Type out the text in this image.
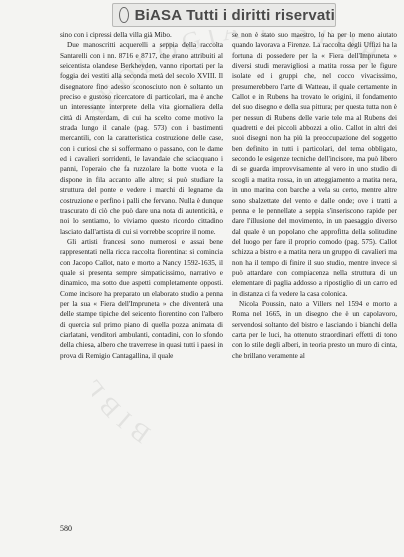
BiASA Tutti i diritti riservati
BIB EOLOGIA STOR

sino con i cipressi della villa già Mibo.

Due manoscritti acquerelli a seppia della raccolta Santarelli con i nn. 8716 e 8717, che erano attribuiti al seicentista olandese Berkheyden, vanno riportati per la foggia dei vestiti alla seconda metà del secolo XVIII. Il disegnatore fino adesso sconosciuto non è soltanto un preciso e gustoso ricercatore di particolari, ma è anche un interessante interprete della vita giornaliera della città di Amsterdam, di cui ha scelto come motivo la strada lungo il canale (pag. 573) con i bastimenti mercantili, con la caratteristica costruzione delle case, con i curiosi che si soffermano o passano, con le dame ed i cavalieri sorridenti, le lavandaie che sciacquano i panni, l'operaio che fa ruzzolare la botte vuota e la dispone in fila accanto alle altre; si può studiare la struttura del ponte e vedere i marchi di legname da costruzione e perfino i palli che fervano. Nulla è dunque trascurato di ciò che può dare una nota di autenticità, e noi lo sentiamo, lo viviamo questo ricordo cittadino lasciato dall'artista di cui si vorrebbe scoprire il nome.

Gli artisti francesi sono numerosi e assai bene rappresentati nella ricca raccolta fiorentina: si comincia con Jacopo Callot, nato e morto a Nancy 1592-1635, il quale si presenta sempre simpaticissimo, narrativo e dinamico, ma sotto due aspetti completamente opposti. Come incisore ha preparato un elaborato studio a penna per la sua « Fiera dell'Impruneta » che diventerà una delle stampe tipiche del seicento fiorentino con l'albero di quercia sul primo piano di quella pozza animata di ciarlatani, venditori ambulanti, contadini, con lo sfondo della chiesa, albero che traverrese in quasi tutti i paesi in prova di Remigio Cantagallina, il quale

se non è stato suo maestro, lo ha per lo meno aiutato quando lavorava a Firenze. La raccolta degli Uffizi ha la fortuna di possedere per la « Fiera dell'Impruneta » diversi studi meravigliosi a matita rossa per le figure isolate ed i gruppi che, nel cocco vivacissimo, presumerebbero l'arte di Watteau, il quale certamente in Callot e in Rubens ha trovato le origini, il fondamento del suo disegno e della sua pittura; per questa tutta non è per nessun di Rubens delle varie tele ma al Rubens dei quadretti e dei piccoli abbozzi a olio. Callot in altri dei suoi disegni non ha più la preoccupazione del soggetto ben definito in tutti i particolari, del tema obbligato, secondo le esigenze tecniche dell'incisore, ma può libero di se guarda improvvisamente al vero in uno studio di scogli a matita rossa, in un atteggiamento a matita nera, in uno marina con barche a vela su certo, mentre altre sono sbalzettate del vento e dalle onde; ove i tratti a penna e le pennellate a seppia s'inseriscono rapide per dare l'illusione del movimento, in un paesaggio diverso dal quale è un popolano che approfitta della solitudine del luogo per fare il proprio comodo (pag. 575). Callot schizza a bistro e a matita nera un gruppo di cavalieri ma non ha il tempo di finire il suo studio, mentre invece si può attardare con compiacenza nella struttura di un elementare di paglia addosso a ripostiglio di un carro ed in distanza ci fa vedere la casa colonica.

Nicola Poussin, nato a Villers nel 1594 e morto a Roma nel 1665, in un disegno che è un capolavoro, servendosi soltanto del bistro e lasciando i bianchi della carta per le luci, ha ottenuto straordinari effetti di tono con lo stile degli alberi, in teoria presto un muro di cinta, che brillano veramente al

580
